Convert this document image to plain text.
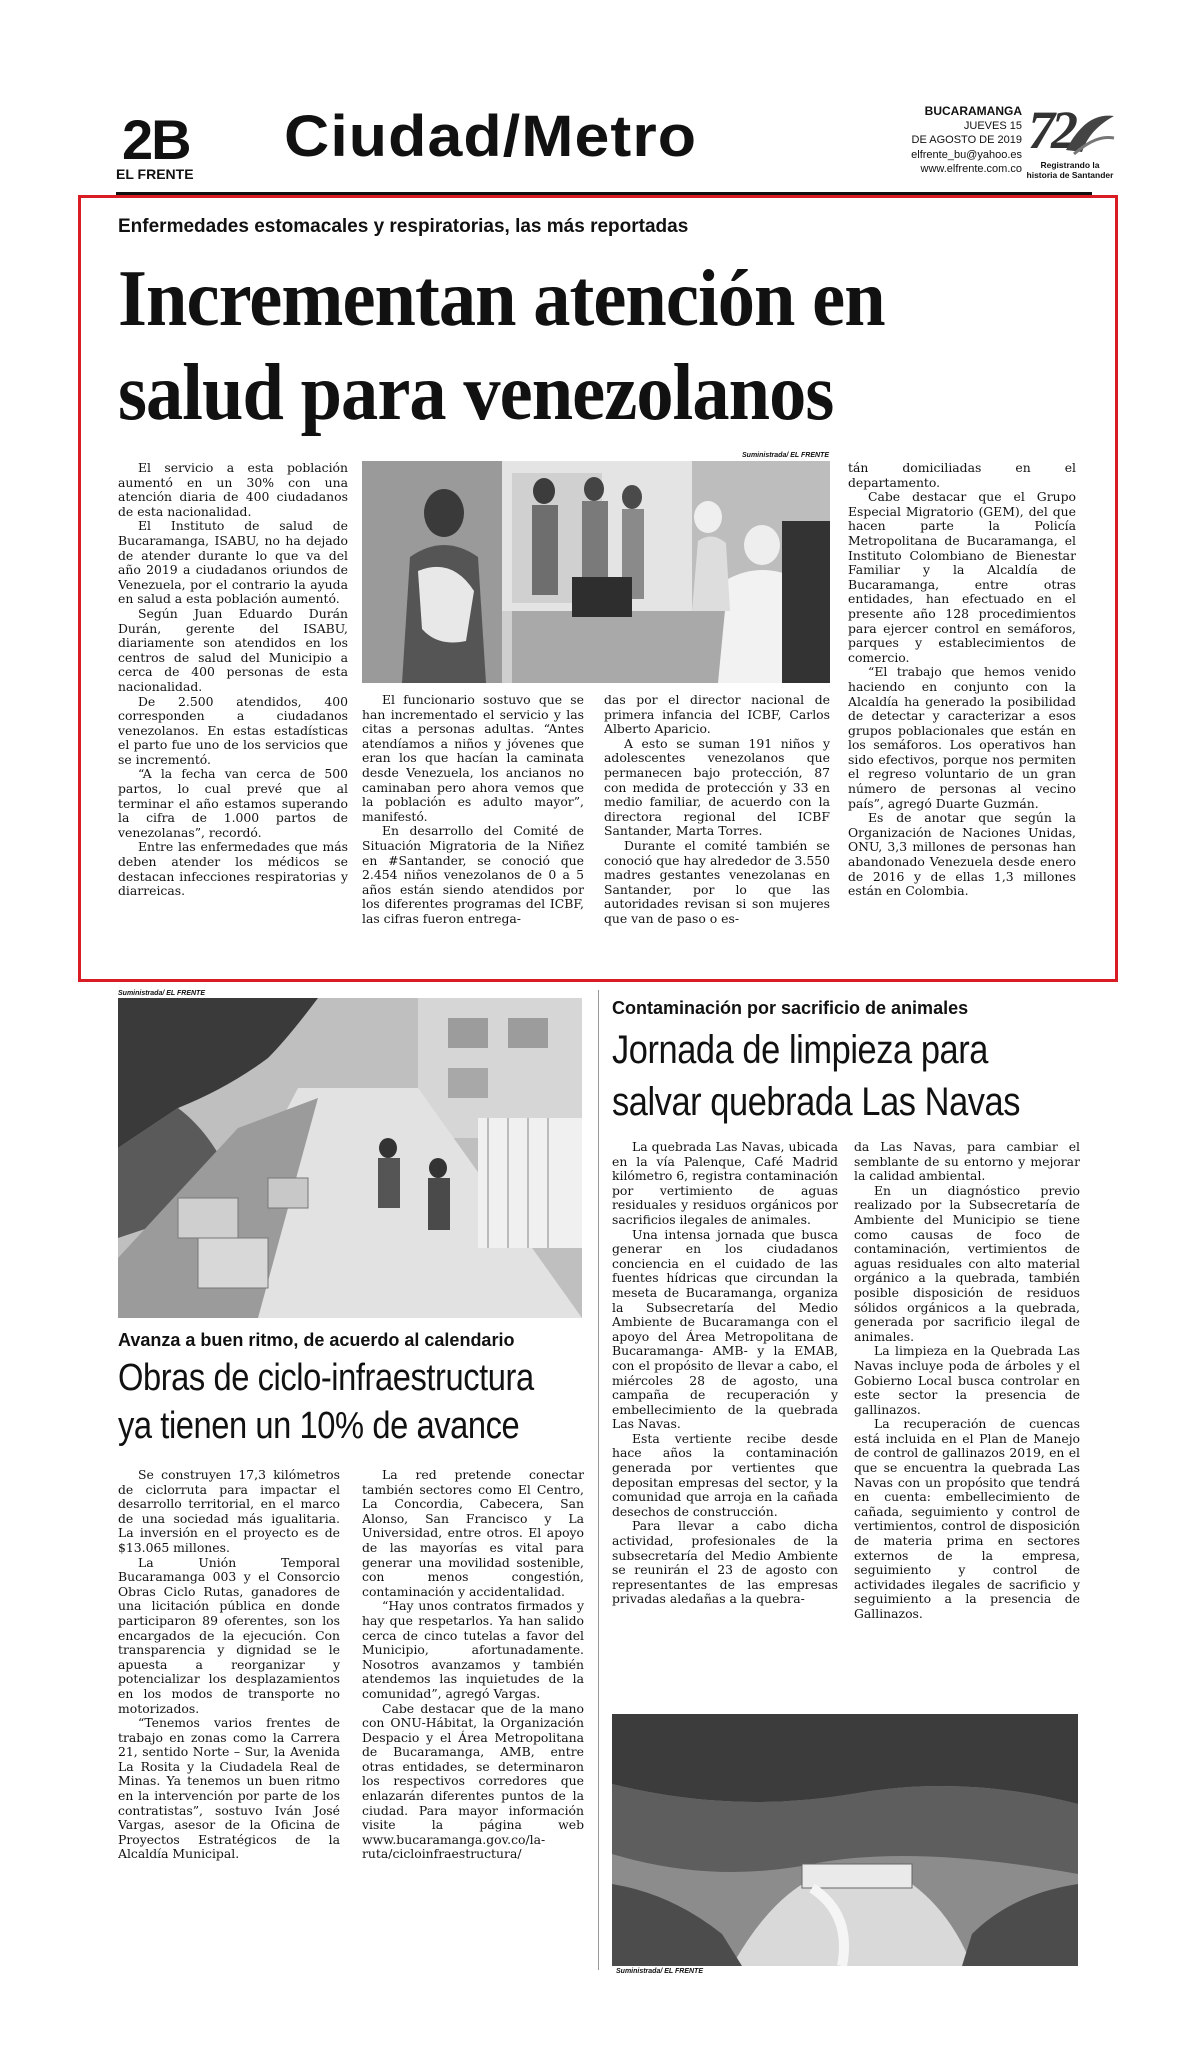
2B
EL FRENTE
Ciudad/Metro	BUCARAMANGA
JUEVES 15
DE AGOSTO DE 2019
elfrente_bu@yahoo.es
www.elfrente.com.co
72
Registrando la historia de Santander
Enfermedades estomacales y respiratorias, las más reportadas
Incrementan atención en
salud para venezolanos

El servicio a esta población aumentó en un 30% con una atención diaria de 400 ciudadanos de esta nacionalidad.

El Instituto de salud de Bucaramanga, ISABU, no ha dejado de atender durante lo que va del año 2019 a ciudadanos oriundos de Venezuela, por el contrario la ayuda en salud a esta población aumentó.

Según Juan Eduardo Durán Durán, gerente del ISABU, diariamente son atendidos en los centros de salud del Municipio a cerca de 400 personas de esta nacionalidad.

De 2.500 atendidos, 400 corresponden a ciudadanos venezolanos. En estas estadísticas el parto fue uno de los servicios que se incrementó.

“A la fecha van cerca de 500 partos, lo cual prevé que al terminar el año estamos superando la cifra de 1.000 partos de venezolanas”, recordó.

Entre las enfermedades que más deben atender los médicos se destacan infecciones respiratorias y diarreicas.

Suministrada/ EL FRENTE

El funcionario sostuvo que se han incrementado el servicio y las citas a personas adultas. “Antes atendíamos a niños y jóvenes que eran los que hacían la caminata desde Venezuela, los ancianos no caminaban pero ahora vemos que la población es adulto mayor”, manifestó.

En desarrollo del Comité de Situación Migratoria de la Niñez en #Santander, se conoció que 2.454 niños venezolanos de 0 a 5 años están siendo atendidos por los diferentes programas del ICBF, las cifras fueron entrega-

das por el director nacional de primera infancia del ICBF, Carlos Alberto Aparicio.

A esto se suman 191 niños y adolescentes venezolanos que permanecen bajo protección, 87 con medida de protección y 33 en medio familiar, de acuerdo con la directora regional del ICBF Santander, Marta Torres.

Durante el comité también se conoció que hay alrededor de 3.550 madres gestantes venezolanas en Santander, por lo que las autoridades revisan si son mujeres que van de paso o es-

tán domiciliadas en el departamento.

Cabe destacar que el Grupo Especial Migratorio (GEM), del que hacen parte la Policía Metropolitana de Bucaramanga, el Instituto Colombiano de Bienestar Familiar y la Alcaldía de Bucaramanga, entre otras entidades, han efectuado en el presente año 128 procedimientos para ejercer control en semáforos, parques y establecimientos de comercio.

“El trabajo que hemos venido haciendo en conjunto con la Alcaldía ha generado la posibilidad de detectar y caracterizar a esos grupos poblacionales que están en los semáforos. Los operativos han sido efectivos, porque nos permiten el regreso voluntario de un gran número de personas al vecino país”, agregó Duarte Guzmán.

Es de anotar que según la Organización de Naciones Unidas, ONU, 3,3 millones de personas han abandonado Venezuela desde enero de 2016 y de ellas 1,3 millones están en Colombia.

Suministrada/ EL FRENTE
Avanza a buen ritmo, de acuerdo al calendario
Obras de ciclo-infraestructura
ya tienen un 10% de avance

Se construyen 17,3 kilómetros de ciclorruta para impactar el desarrollo territorial, en el marco de una sociedad más igualitaria. La inversión en el proyecto es de $13.065 millones.

La Unión Temporal Bucaramanga 003 y el Consorcio Obras Ciclo Rutas, ganadores de una licitación pública en donde participaron 89 oferentes, son los encargados de la ejecución. Con transparencia y dignidad se le apuesta a reorganizar y potencializar los desplazamientos en los modos de transporte no motorizados.

“Tenemos varios frentes de trabajo en zonas como la Carrera 21, sentido Norte – Sur, la Avenida La Rosita y la Ciudadela Real de Minas. Ya tenemos un buen ritmo en la intervención por parte de los contratistas”, sostuvo Iván José Vargas, asesor de la Oficina de Proyectos Estratégicos de la Alcaldía Municipal.

La red pretende conectar también sectores como El Centro, La Concordia, Cabecera, San Alonso, San Francisco y La Universidad, entre otros. El apoyo de las mayorías es vital para generar una movilidad sostenible, con menos congestión, contaminación y accidentalidad.

“Hay unos contratos firmados y hay que respetarlos. Ya han salido cerca de cinco tutelas a favor del Municipio, afortunadamente. Nosotros avanzamos y también atendemos las inquietudes de la comunidad”, agregó Vargas.

Cabe destacar que de la mano con ONU-Hábitat, la Organización Despacio y el Área Metropolitana de Bucaramanga, AMB, entre otras entidades, se determinaron los respectivos corredores que enlazarán diferentes puntos de la ciudad. Para mayor información visite la página web www.bucaramanga.gov.co/la-ruta/cicloinfraestructura/

Contaminación por sacrificio de animales
Jornada de limpieza para
salvar quebrada Las Navas

La quebrada Las Navas, ubicada en la vía Palenque, Café Madrid kilómetro 6, registra contaminación por vertimiento de aguas residuales y residuos orgánicos por sacrificios ilegales de animales.

Una intensa jornada que busca generar en los ciudadanos conciencia en el cuidado de las fuentes hídricas que circundan la meseta de Bucaramanga, organiza la Subsecretaría del Medio Ambiente de Bucaramanga con el apoyo del Área Metropolitana de Bucaramanga- AMB- y la EMAB, con el propósito de llevar a cabo, el miércoles 28 de agosto, una campaña de recuperación y embellecimiento de la quebrada Las Navas.

Esta vertiente recibe desde hace años la contaminación generada por vertientes que depositan empresas del sector, y la comunidad que arroja en la cañada desechos de construcción.

Para llevar a cabo dicha actividad, profesionales de la subsecretaría del Medio Ambiente se reunirán el 23 de agosto con representantes de las empresas privadas aledañas a la quebra-

da Las Navas, para cambiar el semblante de su entorno y mejorar la calidad ambiental.

En un diagnóstico previo realizado por la Subsecretaría de Ambiente del Municipio se tiene como causas de foco de contaminación, vertimientos de aguas residuales con alto material orgánico a la quebrada, también posible disposición de residuos sólidos orgánicos a la quebrada, generada por sacrificio ilegal de animales.

La limpieza en la Quebrada Las Navas incluye poda de árboles y el Gobierno Local busca controlar en este sector la presencia de gallinazos.

La recuperación de cuencas está incluida en el Plan de Manejo de control de gallinazos 2019, en el que se encuentra la quebrada Las Navas con un propósito que tendrá en cuenta: embellecimiento de cañada, seguimiento y control de vertimientos, control de disposición de materia prima en sectores externos de la empresa, seguimiento y control de actividades ilegales de sacrificio y seguimiento a la presencia de Gallinazos.

Suministrada/ EL FRENTE
